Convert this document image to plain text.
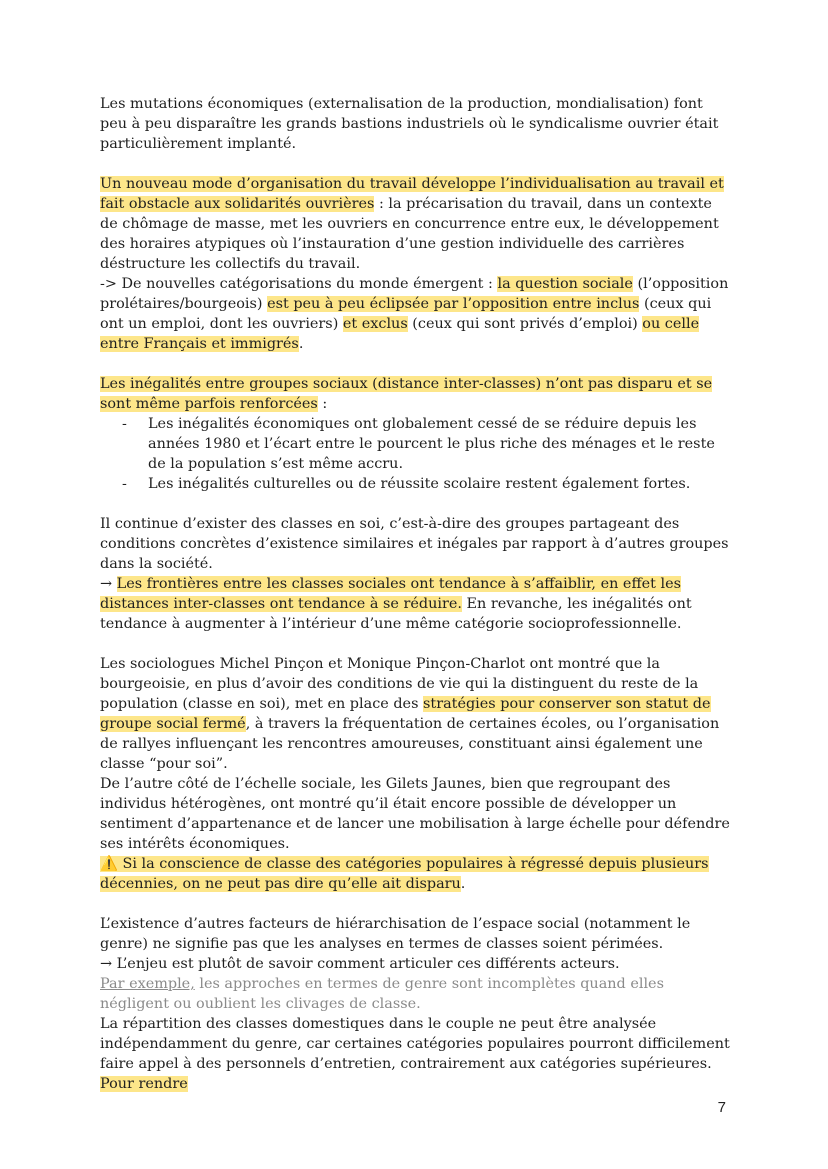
Les mutations économiques (externalisation de la production, mondialisation) font peu à peu disparaître les grands bastions industriels où le syndicalisme ouvrier était particulièrement implanté.

Un nouveau mode d’organisation du travail développe l’individualisation au travail et fait obstacle aux solidarités ouvrières : la précarisation du travail, dans un contexte de chômage de masse, met les ouvriers en concurrence entre eux, le développement des horaires atypiques où l’instauration d’une gestion individuelle des carrières déstructure les collectifs du travail.

-> De nouvelles catégorisations du monde émergent : la question sociale (l’opposition prolétaires/bourgeois) est peu à peu éclipsée par l’opposition entre inclus (ceux qui ont un emploi, dont les ouvriers) et exclus (ceux qui sont privés d’emploi) ou celle entre Français et immigrés.

Les inégalités entre groupes sociaux (distance inter-classes) n’ont pas disparu et se sont même parfois renforcées :

- Les inégalités économiques ont globalement cessé de se réduire depuis les années 1980 et l’écart entre le pourcent le plus riche des ménages et le reste de la population s’est même accru.
- Les inégalités culturelles ou de réussite scolaire restent également fortes.

Il continue d’exister des classes en soi, c’est-à-dire des groupes partageant des conditions concrètes d’existence similaires et inégales par rapport à d’autres groupes dans la société.

→ Les frontières entre les classes sociales ont tendance à s’affaiblir, en effet les distances inter-classes ont tendance à se réduire. En revanche, les inégalités ont tendance à augmenter à l’intérieur d’une même catégorie socioprofessionnelle.

Les sociologues Michel Pinçon et Monique Pinçon-Charlot ont montré que la bourgeoisie, en plus d’avoir des conditions de vie qui la distinguent du reste de la population (classe en soi), met en place des stratégies pour conserver son statut de groupe social fermé, à travers la fréquentation de certaines écoles, ou l’organisation de rallyes influençant les rencontres amoureuses, constituant ainsi également une classe “pour soi”.

De l’autre côté de l’échelle sociale, les Gilets Jaunes, bien que regroupant des individus hétérogènes, ont montré qu’il était encore possible de développer un sentiment d’appartenance et de lancer une mobilisation à large échelle pour défendre ses intérêts économiques.

⚠️ Si la conscience de classe des catégories populaires à régressé depuis plusieurs décennies, on ne peut pas dire qu’elle ait disparu.

L’existence d’autres facteurs de hiérarchisation de l’espace social (notamment le genre) ne signifie pas que les analyses en termes de classes soient périmées.

→ L’enjeu est plutôt de savoir comment articuler ces différents acteurs.

Par exemple, les approches en termes de genre sont incomplètes quand elles négligent ou oublient les clivages de classe.

La répartition des classes domestiques dans le couple ne peut être analysée indépendamment du genre, car certaines catégories populaires pourront difficilement faire appel à des personnels d’entretien, contrairement aux catégories supérieures. Pour rendre

7
